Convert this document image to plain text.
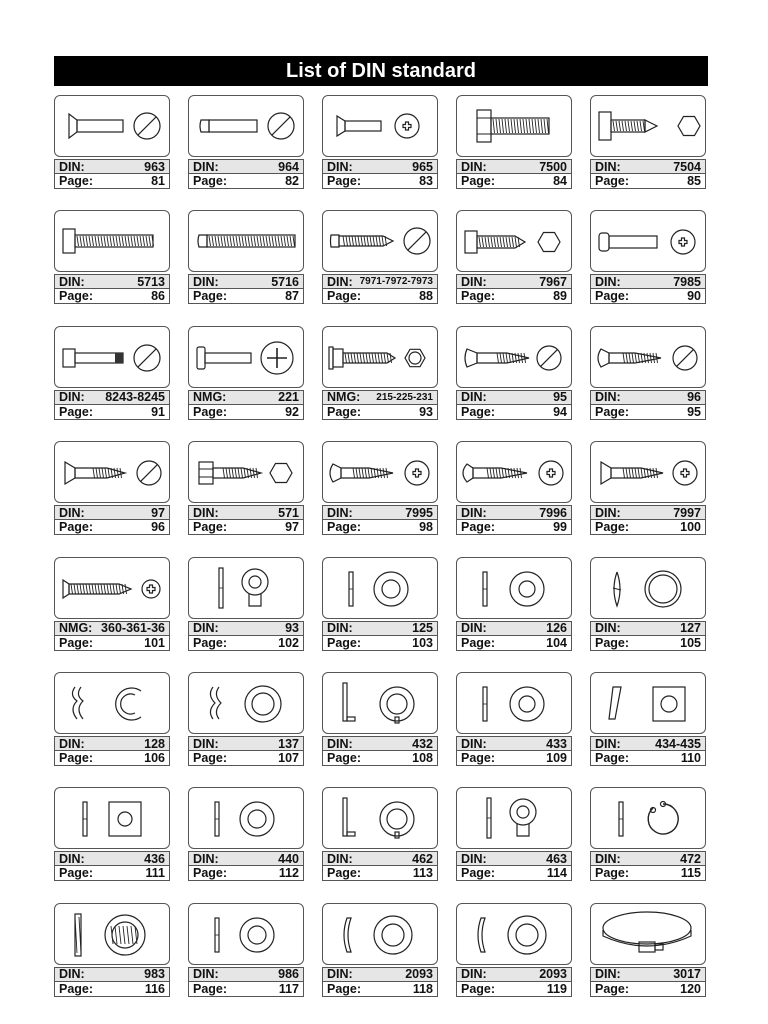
List of DIN standard
DIN:	963
Page:	81
DIN:	964
Page:	82
DIN:	965
Page:	83
DIN:	7500
Page:	84
DIN:	7504
Page:	85
DIN:	5713
Page:	86
DIN:	5716
Page:	87
DIN: 7971-7972-7973
Page:	88
DIN:	7967
Page:	89
DIN:	7985
Page:	90
DIN: 8243-8245
Page:	91
NMG:	221
Page:	92
NMG: 215-225-231
Page:	93
DIN:	95
Page:	94
DIN:	96
Page:	95
DIN:	97
Page:	96
DIN:	571
Page:	97
DIN:	7995
Page:	98
DIN:	7996
Page:	99
DIN:	7997
Page:	100
NMG: 360-361-36
Page:	101
DIN:	93
Page:	102
DIN:	125
Page:	103
DIN:	126
Page:	104
DIN:	127
Page:	105
DIN:	128
Page:	106
DIN:	137
Page:	107
DIN:	432
Page:	108
DIN:	433
Page:	109
DIN:	434-435
Page:	110
DIN:	436
Page:	111
DIN:	440
Page:	112
DIN:	462
Page:	113
DIN:	463
Page:	114
DIN:	472
Page:	115
DIN:	983
Page:	116
DIN:	986
Page:	117
DIN:	2093
Page:	118
DIN:	2093
Page:	119
DIN:	3017
Page:	120
